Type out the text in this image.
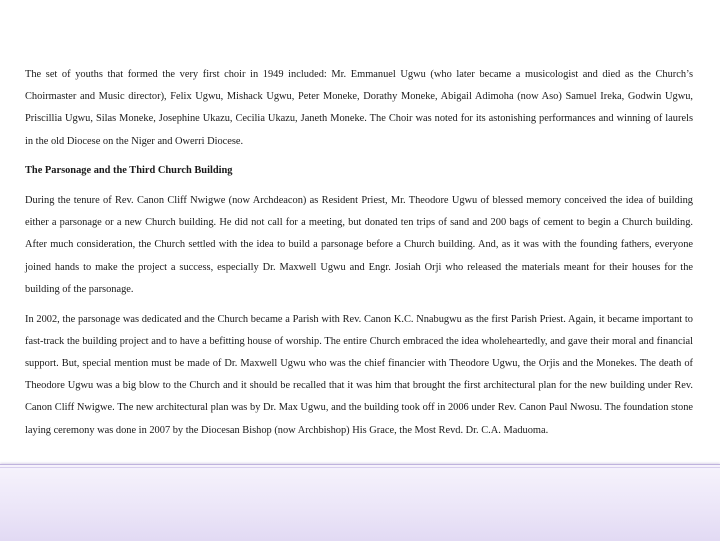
The set of youths that formed the very first choir in 1949 included: Mr. Emmanuel Ugwu (who later became a musicologist and died as the Church’s Choirmaster and Music director), Felix Ugwu, Mishack Ugwu, Peter Moneke, Dorathy Moneke, Abigail Adimoha (now Aso) Samuel Ireka, Godwin Ugwu, Priscillia Ugwu, Silas Moneke, Josephine Ukazu, Cecilia Ukazu, Janeth Moneke. The Choir was noted for its astonishing performances and winning of laurels in the old Diocese on the Niger and Owerri Diocese.

The Parsonage and the Third Church Building

During the tenure of Rev. Canon Cliff Nwigwe (now Archdeacon) as Resident Priest, Mr. Theodore Ugwu of blessed memory conceived the idea of building either a parsonage or a new Church building. He did not call for a meeting, but donated ten trips of sand and 200 bags of cement to begin a Church building. After much consideration, the Church settled with the idea to build a parsonage before a Church building. And, as it was with the founding fathers, everyone joined hands to make the project a success, especially Dr. Maxwell Ugwu and Engr. Josiah Orji who released the materials meant for their houses for the building of the parsonage.

In 2002, the parsonage was dedicated and the Church became a Parish with Rev. Canon K.C. Nnabugwu as the first Parish Priest. Again, it became important to fast-track the building project and to have a befitting house of worship. The entire Church embraced the idea wholeheartedly, and gave their moral and financial support. But, special mention must be made of Dr. Maxwell Ugwu who was the chief financier with Theodore Ugwu, the Orjis and the Monekes. The death of Theodore Ugwu was a big blow to the Church and it should be recalled that it was him that brought the first architectural plan for the new building under Rev. Canon Cliff Nwigwe. The new architectural plan was by Dr. Max Ugwu, and the building took off in 2006 under Rev. Canon Paul Nwosu. The foundation stone laying ceremony was done in 2007 by the Diocesan Bishop (now Archbishop) His Grace, the Most Revd. Dr. C.A. Maduoma.
